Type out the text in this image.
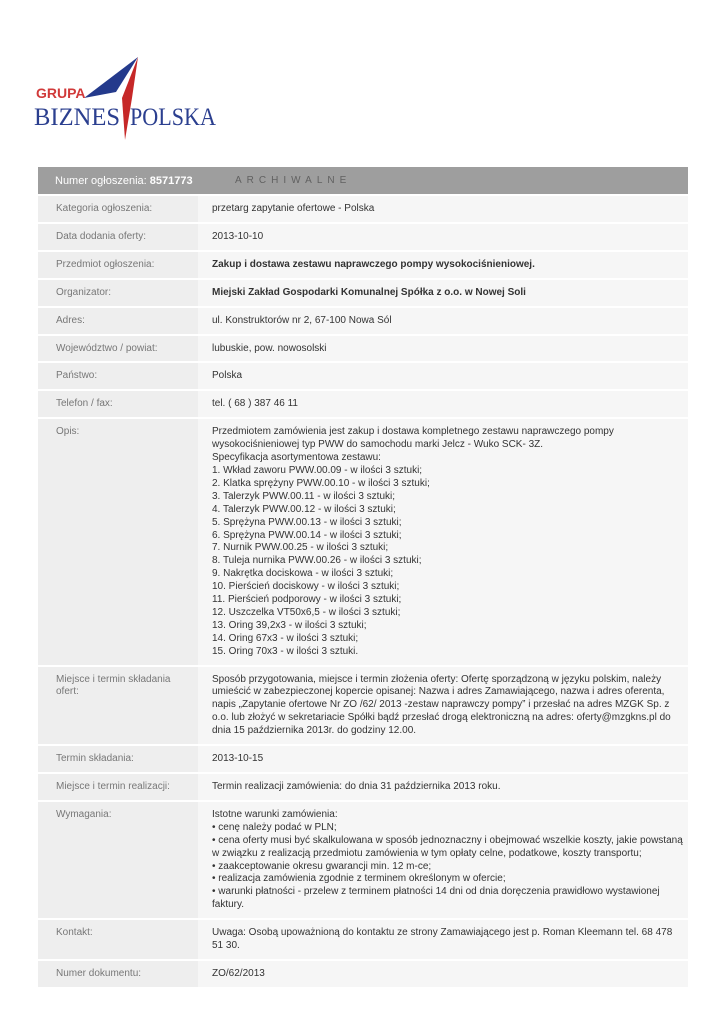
GRUPA
BIZNES POLSKA
Numer ogłoszenia: 8571773	ARCHIWALNE
Kategoria ogłoszenia:	przetarg zapytanie ofertowe - Polska
Data dodania oferty:	2013-10-10
Przedmiot ogłoszenia:	Zakup i dostawa zestawu naprawczego pompy wysokociśnieniowej.
Organizator:	Miejski Zakład Gospodarki Komunalnej Spółka z o.o. w Nowej Soli
Adres:	ul. Konstruktorów nr 2, 67-100 Nowa Sól
Województwo / powiat:	lubuskie, pow. nowosolski
Państwo:	Polska
Telefon / fax:	tel. ( 68 ) 387 46 11
Opis:	Przedmiotem zamówienia jest zakup i dostawa kompletnego zestawu naprawczego pompy
wysokociśnieniowej typ PWW do samochodu marki Jelcz - Wuko SCK- 3Z.
Specyfikacja asortymentowa zestawu:
1. Wkład zaworu PWW.00.09 - w ilości 3 sztuki;
2. Klatka sprężyny PWW.00.10 - w ilości 3 sztuki;
3. Talerzyk PWW.00.11 - w ilości 3 sztuki;
4. Talerzyk PWW.00.12 - w ilości 3 sztuki;
5. Sprężyna PWW.00.13 - w ilości 3 sztuki;
6. Sprężyna PWW.00.14 - w ilości 3 sztuki;
7. Nurnik PWW.00.25 - w ilości 3 sztuki;
8. Tuleja nurnika PWW.00.26 - w ilości 3 sztuki;
9. Nakrętka dociskowa - w ilości 3 sztuki;
10. Pierścień dociskowy - w ilości 3 sztuki;
11. Pierścień podporowy - w ilości 3 sztuki;
12. Uszczelka VT50x6,5 - w ilości 3 sztuki;
13. Oring 39,2x3 - w ilości 3 sztuki;
14. Oring 67x3 - w ilości 3 sztuki;
15. Oring 70x3 - w ilości 3 sztuki.
Miejsce i termin składania ofert:
Sposób przygotowania, miejsce i termin złożenia oferty: Ofertę sporządzoną w języku polskim, należy
umieścić w zabezpieczonej kopercie opisanej: Nazwa i adres Zamawiającego, nazwa i adres oferenta,
napis „Zapytanie ofertowe Nr ZO /62/ 2013 -zestaw naprawczy pompy” i przesłać na adres MZGK Sp. z
o.o. lub złożyć w sekretariacie Spółki bądź przesłać drogą elektroniczną na adres: oferty@mzgkns.pl do
dnia 15 października 2013r. do godziny 12.00.
Termin składania:	2013-10-15
Miejsce i termin realizacji:	Termin realizacji zamówienia: do dnia 31 października 2013 roku.
Wymagania:	Istotne warunki zamówienia:
• cenę należy podać w PLN;
• cena oferty musi być skalkulowana w sposób jednoznaczny i obejmować wszelkie koszty, jakie powstaną
w związku z realizacją przedmiotu zamówienia w tym opłaty celne, podatkowe, koszty transportu;
• zaakceptowanie okresu gwarancji min. 12 m-ce;
• realizacja zamówienia zgodnie z terminem określonym w ofercie;
• warunki płatności - przelew z terminem płatności 14 dni od dnia doręczenia prawidłowo wystawionej
faktury.
Kontakt:	Uwaga: Osobą upoważnioną do kontaktu ze strony Zamawiającego jest p. Roman Kleemann tel. 68 478
51 30.
Numer dokumentu:	ZO/62/2013
